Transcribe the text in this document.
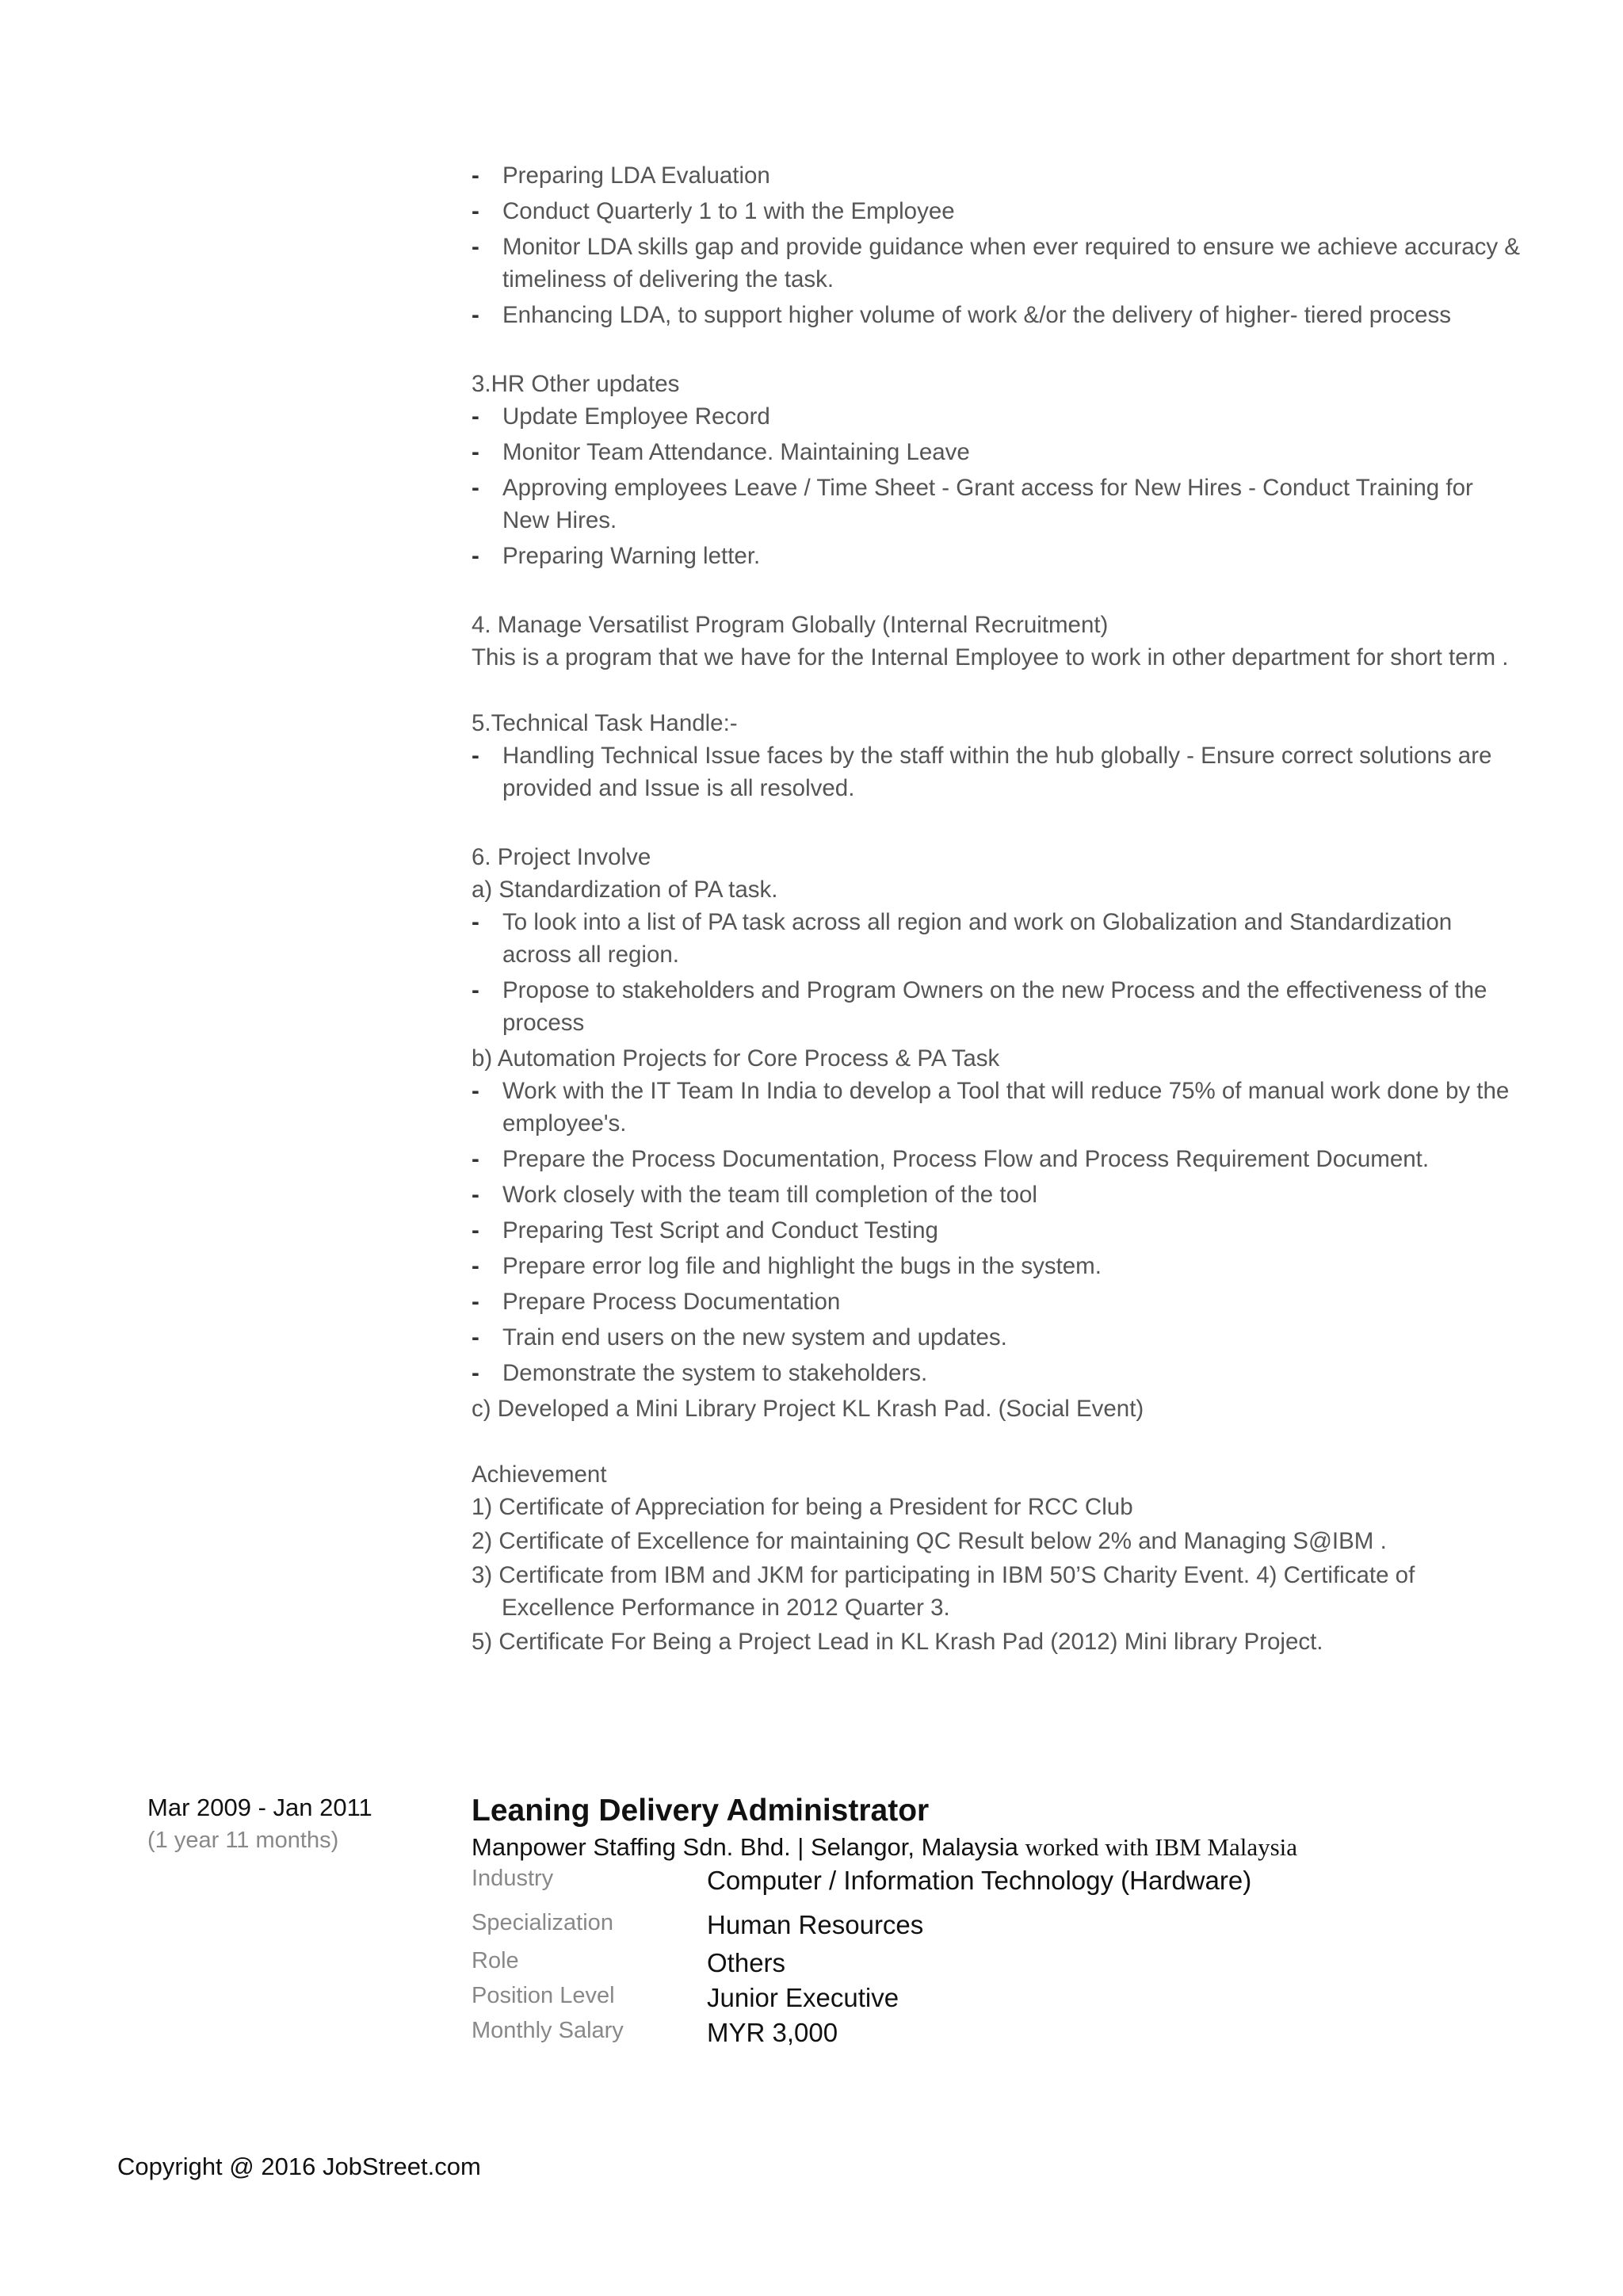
- Preparing LDA Evaluation
- Conduct Quarterly 1 to 1 with the Employee
- Monitor LDA skills gap and provide guidance when ever required to ensure we achieve accuracy & timeliness of delivering the task.
- Enhancing LDA, to support higher volume of work &/or the delivery of higher- tiered process

3.HR Other updates

- Update Employee Record
- Monitor Team Attendance. Maintaining Leave
- Approving employees Leave / Time Sheet - Grant access for New Hires - Conduct Training for New Hires.
- Preparing Warning letter.

4. Manage Versatilist Program Globally (Internal Recruitment)

This is a program that we have for the Internal Employee to work in other department for short term .

5.Technical Task Handle:-

- Handling Technical Issue faces by the staff within the hub globally - Ensure correct solutions are provided and Issue is all resolved.

6. Project Involve

a) Standardization of PA task.

- To look into a list of PA task across all region and work on Globalization and Standardization across all region.
- Propose to stakeholders and Program Owners on the new Process and the effectiveness of the process

b) Automation Projects for Core Process & PA Task

- Work with the IT Team In India to develop a Tool that will reduce 75% of manual work done by the employee's.
- Prepare the Process Documentation, Process Flow and Process Requirement Document.
- Work closely with the team till completion of the tool
- Preparing Test Script and Conduct Testing
- Prepare error log file and highlight the bugs in the system.
- Prepare Process Documentation
- Train end users on the new system and updates.
- Demonstrate the system to stakeholders.

c) Developed a Mini Library Project KL Krash Pad. (Social Event)

Achievement

1) Certificate of Appreciation for being a President for RCC Club
2) Certificate of Excellence for maintaining QC Result below 2% and Managing S@IBM .
3) Certificate from IBM and JKM for participating in IBM 50’S Charity Event. 4) Certificate of Excellence Performance in 2012 Quarter 3.
5) Certificate For Being a Project Lead in KL Krash Pad (2012) Mini library Project.
Mar 2009 - Jan 2011
(1 year 11 months)

Leaning Delivery Administrator

Manpower Staffing Sdn. Bhd. | Selangor, Malaysia worked with IBM Malaysia

Industry	Computer / Information Technology (Hardware)
Specialization	Human Resources
Role	Others
Position Level	Junior Executive
Monthly Salary	MYR 3,000
Copyright @ 2016 JobStreet.com
